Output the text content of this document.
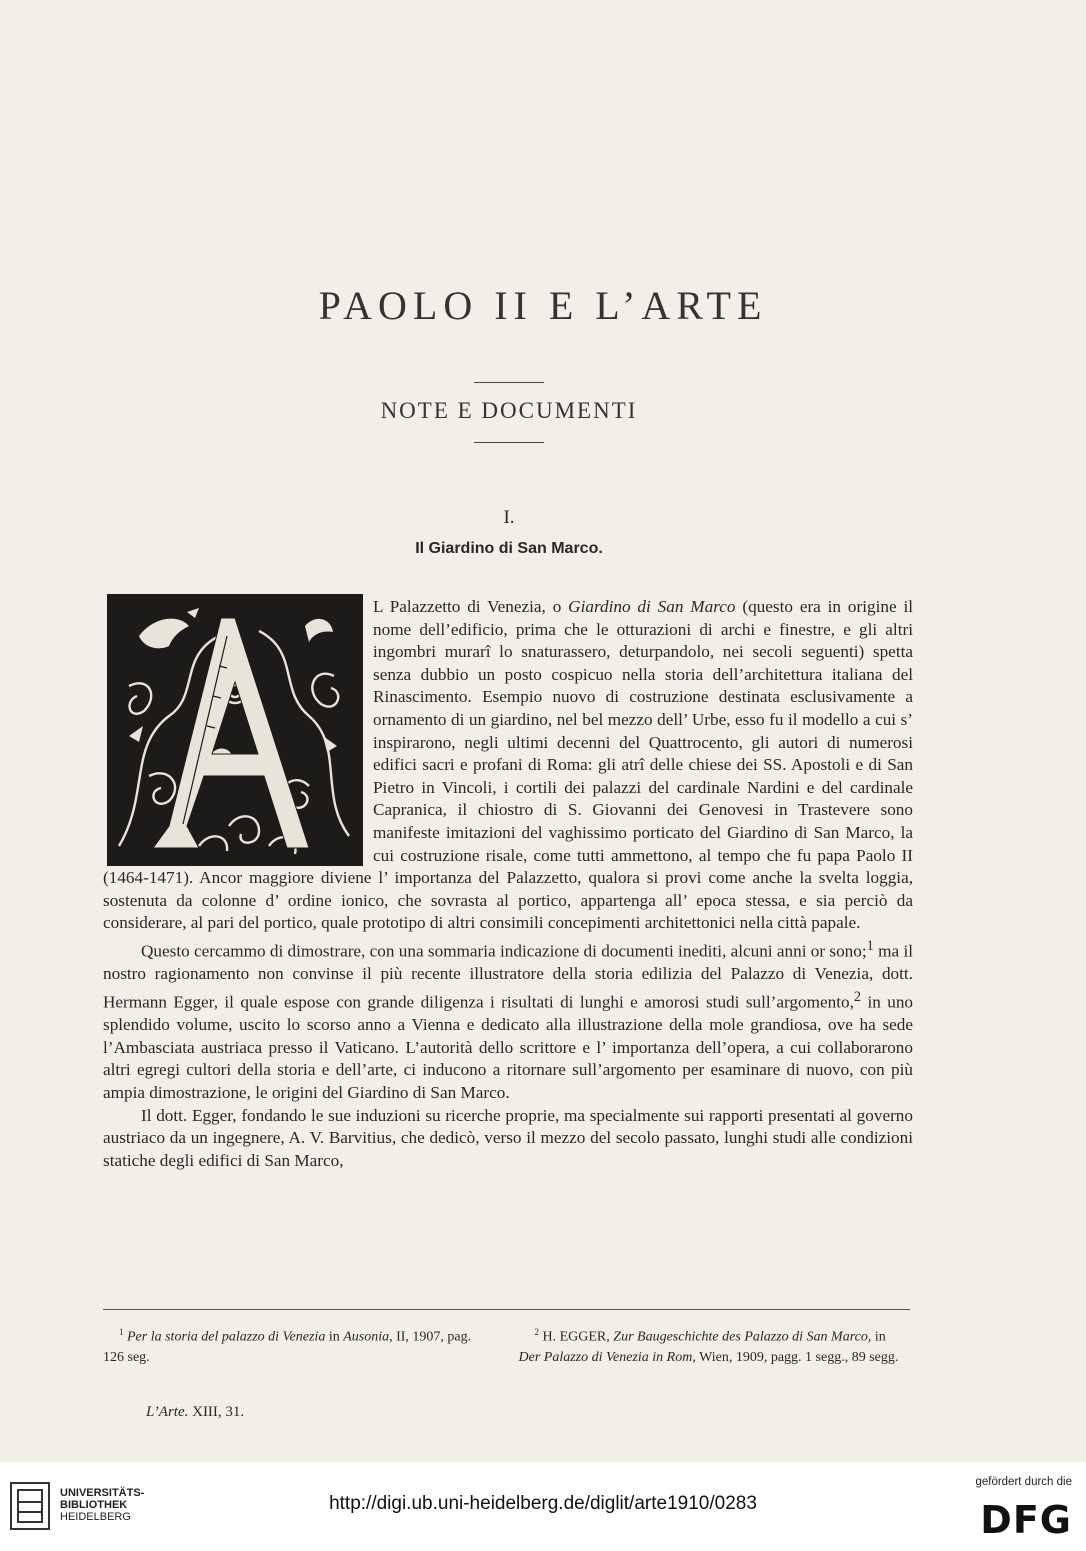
PAOLO II E L’ARTE
NOTE E DOCUMENTI
I.
Il Giardino di San Marco.

L Palazzetto di Venezia, o Giardino di San Marco (questo era in origine il nome dell’edificio, prima che le otturazioni di archi e finestre, e gli altri ingombri murarî lo snaturassero, deturpandolo, nei secoli seguenti) spetta senza dubbio un posto cospicuo nella storia dell’architettura italiana del Rinascimento. Esempio nuovo di costruzione destinata esclusivamente a ornamento di un giardino, nel bel mezzo dell’ Urbe, esso fu il modello a cui s’ inspirarono, negli ultimi decenni del Quattrocento, gli autori di numerosi edifici sacri e profani di Roma: gli atrî delle chiese dei SS. Apostoli e di San Pietro in Vincoli, i cortili dei palazzi del cardinale Nardini e del cardinale Capranica, il chiostro di S. Giovanni dei Genovesi in Trastevere sono manifeste imitazioni del vaghissimo porticato del Giardino di San Marco, la cui costruzione risale, come tutti ammettono, al tempo che fu papa Paolo II (1464-1471). Ancor maggiore diviene l’ importanza del Palazzetto, qualora si provi come anche la svelta loggia, sostenuta da colonne d’ ordine ionico, che sovrasta al portico, appartenga all’ epoca stessa, e sia perciò da considerare, al pari del portico, quale prototipo di altri consimili concepimenti architettonici nella città papale.

Questo cercammo di dimostrare, con una sommaria indicazione di documenti inediti, alcuni anni or sono;$^1$ ma il nostro ragionamento non convinse il più recente illustratore della storia edilizia del Palazzo di Venezia, dott. Hermann Egger, il quale espose con grande diligenza i risultati di lunghi e amorosi studi sull’argomento,$^2$ in uno splendido volume, uscito lo scorso anno a Vienna e dedicato alla illustrazione della mole grandiosa, ove ha sede l’Ambasciata austriaca presso il Vaticano. L’autorità dello scrittore e l’ importanza dell’opera, a cui collaborarono altri egregi cultori della storia e dell’arte, ci inducono a ritornare sull’argomento per esaminare di nuovo, con più ampia dimostrazione, le origini del Giardino di San Marco.

Il dott. Egger, fondando le sue induzioni su ricerche proprie, ma specialmente sui rapporti presentati al governo austriaco da un ingegnere, A. V. Barvitius, che dedicò, verso il mezzo del secolo passato, lunghi studi alle condizioni statiche degli edifici di San Marco,

$^1$ Per la storia del palazzo di Venezia in Ausonia, II, 1907, pag. 126 seg.

$^2$ H. EGGER, Zur Baugeschichte des Palazzo di San Marco, in Der Palazzo di Venezia in Rom, Wien, 1909, pagg. 1 segg., 89 segg.

L’Arte. XIII, 31.
UNIVERSITÄTS-
BIBLIOTHEK
HEIDELBERG
http://digi.ub.uni-heidelberg.de/diglit/arte1910/0283
gefördert durch die
DFG
